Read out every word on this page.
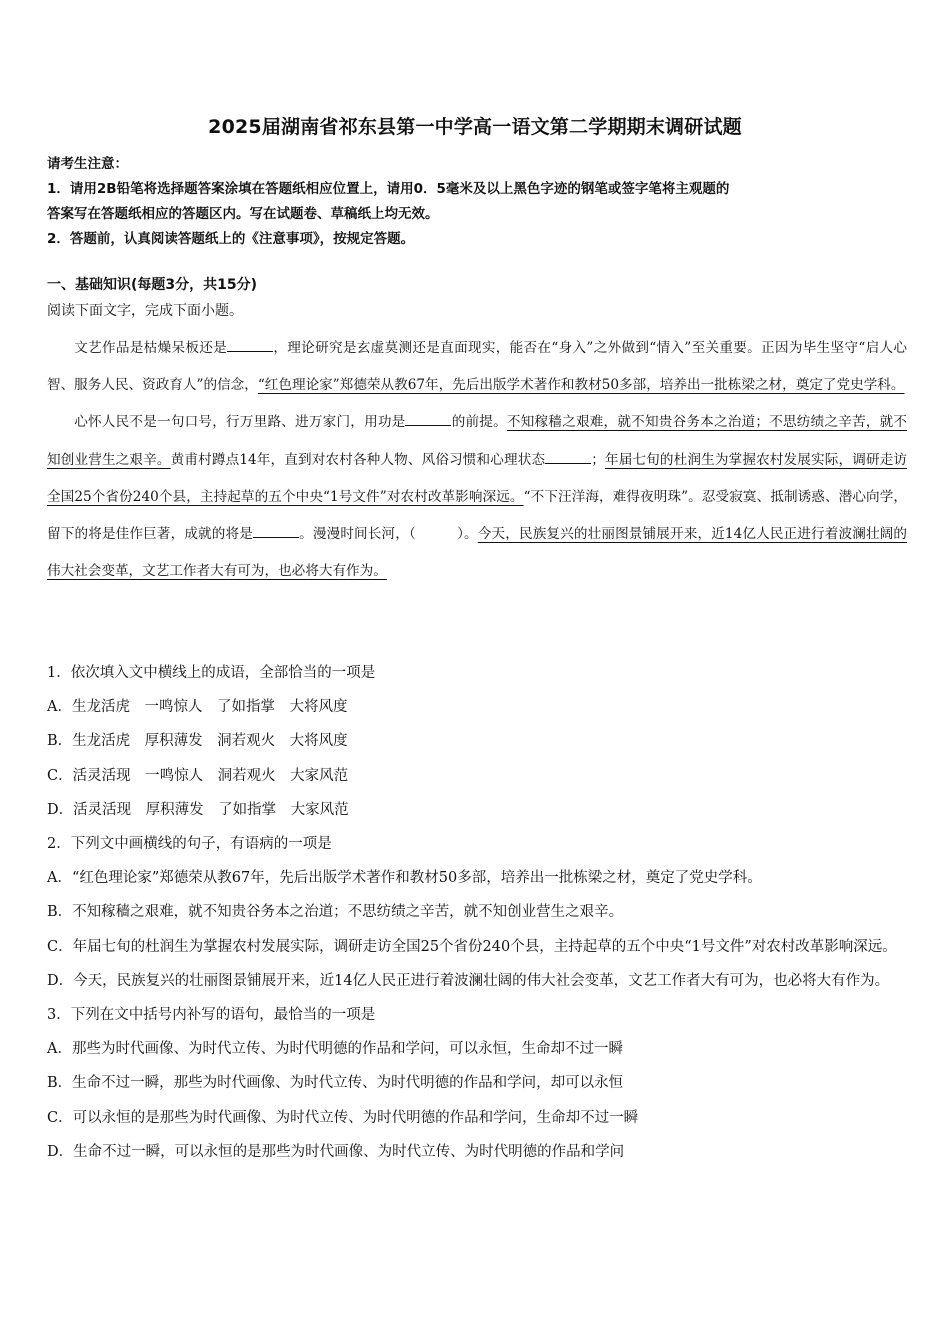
2025届湖南省祁东县第一中学高一语文第二学期期末调研试题
请考生注意：
1．请用2B铅笔将选择题答案涂填在答题纸相应位置上，请用0．5毫米及以上黑色字迹的钢笔或签字笔将主观题的
答案写在答题纸相应的答题区内。写在试题卷、草稿纸上均无效。
2．答题前，认真阅读答题纸上的《注意事项》，按规定答题。
一、基础知识(每题3分，共15分)
阅读下面文字，完成下面小题。

文艺作品是枯燥呆板还是	，理论研究是玄虚莫测还是直面现实，能否在“身入”之外做到“情入”至关重要。正因为毕生坚守“启人心智、服务人民、资政育人”的信念，“红色理论家”郑德荣从教67年，先后出版学术著作和教材50多部，培养出一批栋梁之材，奠定了党史学科。

心怀人民不是一句口号，行万里路、进万家门，用功是	的前提。不知稼穑之艰难，就不知贵谷务本之治道；不思纺绩之辛苦，就不知创业营生之艰辛。黄甫村蹲点14年，直到对农村各种人物、风俗习惯和心理状态	；年届七旬的杜润生为掌握农村发展实际，调研走访全国25个省份240个县，主持起草的五个中央“1号文件”对农村改革影响深远。“不下汪洋海，难得夜明珠”。忍受寂寞、抵制诱惑、潜心向学，留下的将是佳作巨著，成就的将是	。漫漫时间长河，（　　　）。今天，民族复兴的壮丽图景铺展开来，近14亿人民正进行着波澜壮阔的伟大社会变革，文艺工作者大有可为，也必将大有作为。

1．依次填入文中横线上的成语，全部恰当的一项是
A．生龙活虎　一鸣惊人　了如指掌　大将风度
B．生龙活虎　厚积薄发　洞若观火　大将风度
C．活灵活现　一鸣惊人　洞若观火　大家风范
D．活灵活现　厚积薄发　了如指掌　大家风范
2．下列文中画横线的句子，有语病的一项是
A．“红色理论家”郑德荣从教67年，先后出版学术著作和教材50多部，培养出一批栋梁之材，奠定了党史学科。
B．不知稼穑之艰难，就不知贵谷务本之治道；不思纺绩之辛苦，就不知创业营生之艰辛。
C．年届七旬的杜润生为掌握农村发展实际，调研走访全国25个省份240个县，主持起草的五个中央“1号文件”对农村改革影响深远。
D．今天，民族复兴的壮丽图景铺展开来，近14亿人民正进行着波澜壮阔的伟大社会变革，文艺工作者大有可为，也必将大有作为。
3．下列在文中括号内补写的语句，最恰当的一项是
A．那些为时代画像、为时代立传、为时代明德的作品和学问，可以永恒，生命却不过一瞬
B．生命不过一瞬，那些为时代画像、为时代立传、为时代明德的作品和学问，却可以永恒
C．可以永恒的是那些为时代画像、为时代立传、为时代明德的作品和学问，生命却不过一瞬
D．生命不过一瞬，可以永恒的是那些为时代画像、为时代立传、为时代明德的作品和学问
